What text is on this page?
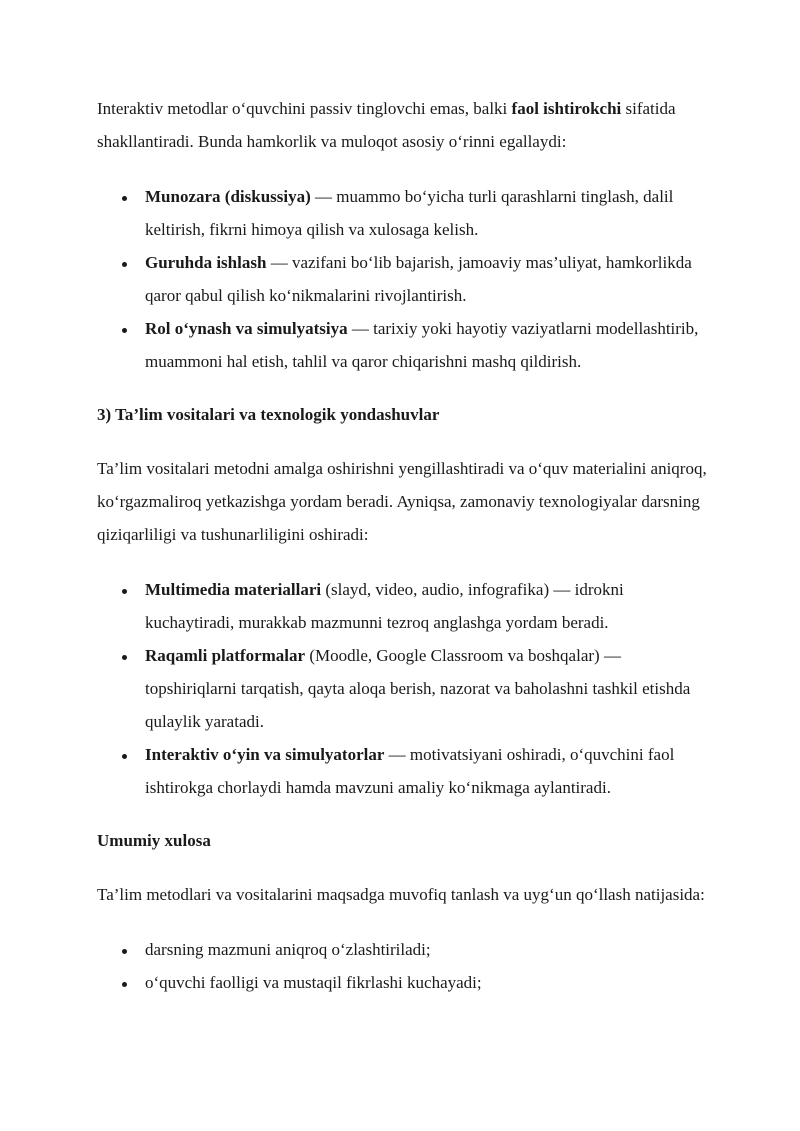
Interaktiv metodlar o‘quvchini passiv tinglovchi emas, balki faol ishtirokchi sifatida shakllantiradi. Bunda hamkorlik va muloqot asosiy o‘rinni egallaydi:

Munozara (diskussiya) — muammo bo‘yicha turli qarashlarni tinglash, dalil keltirish, fikrni himoya qilish va xulosaga kelish.
Guruhda ishlash — vazifani bo‘lib bajarish, jamoaviy mas’uliyat, hamkorlikda qaror qabul qilish ko‘nikmalarini rivojlantirish.
Rol o‘ynash va simulyatsiya — tarixiy yoki hayotiy vaziyatlarni modellashtirib, muammoni hal etish, tahlil va qaror chiqarishni mashq qildirish.

3) Ta’lim vositalari va texnologik yondashuvlar

Ta’lim vositalari metodni amalga oshirishni yengillashtiradi va o‘quv materialini aniqroq, ko‘rgazmaliroq yetkazishga yordam beradi. Ayniqsa, zamonaviy texnologiyalar darsning qiziqarliligi va tushunarliligini oshiradi:

Multimedia materiallari (slayd, video, audio, infografika) — idrokni kuchaytiradi, murakkab mazmunni tezroq anglashga yordam beradi.
Raqamli platformalar (Moodle, Google Classroom va boshqalar) — topshiriqlarni tarqatish, qayta aloqa berish, nazorat va baholashni tashkil etishda qulaylik yaratadi.
Interaktiv o‘yin va simulyatorlar — motivatsiyani oshiradi, o‘quvchini faol ishtirokga chorlaydi hamda mavzuni amaliy ko‘nikmaga aylantiradi.

Umumiy xulosa

Ta’lim metodlari va vositalarini maqsadga muvofiq tanlash va uyg‘un qo‘llash natijasida:

darsning mazmuni aniqroq o‘zlashtiriladi;
o‘quvchi faolligi va mustaqil fikrlashi kuchayadi;
